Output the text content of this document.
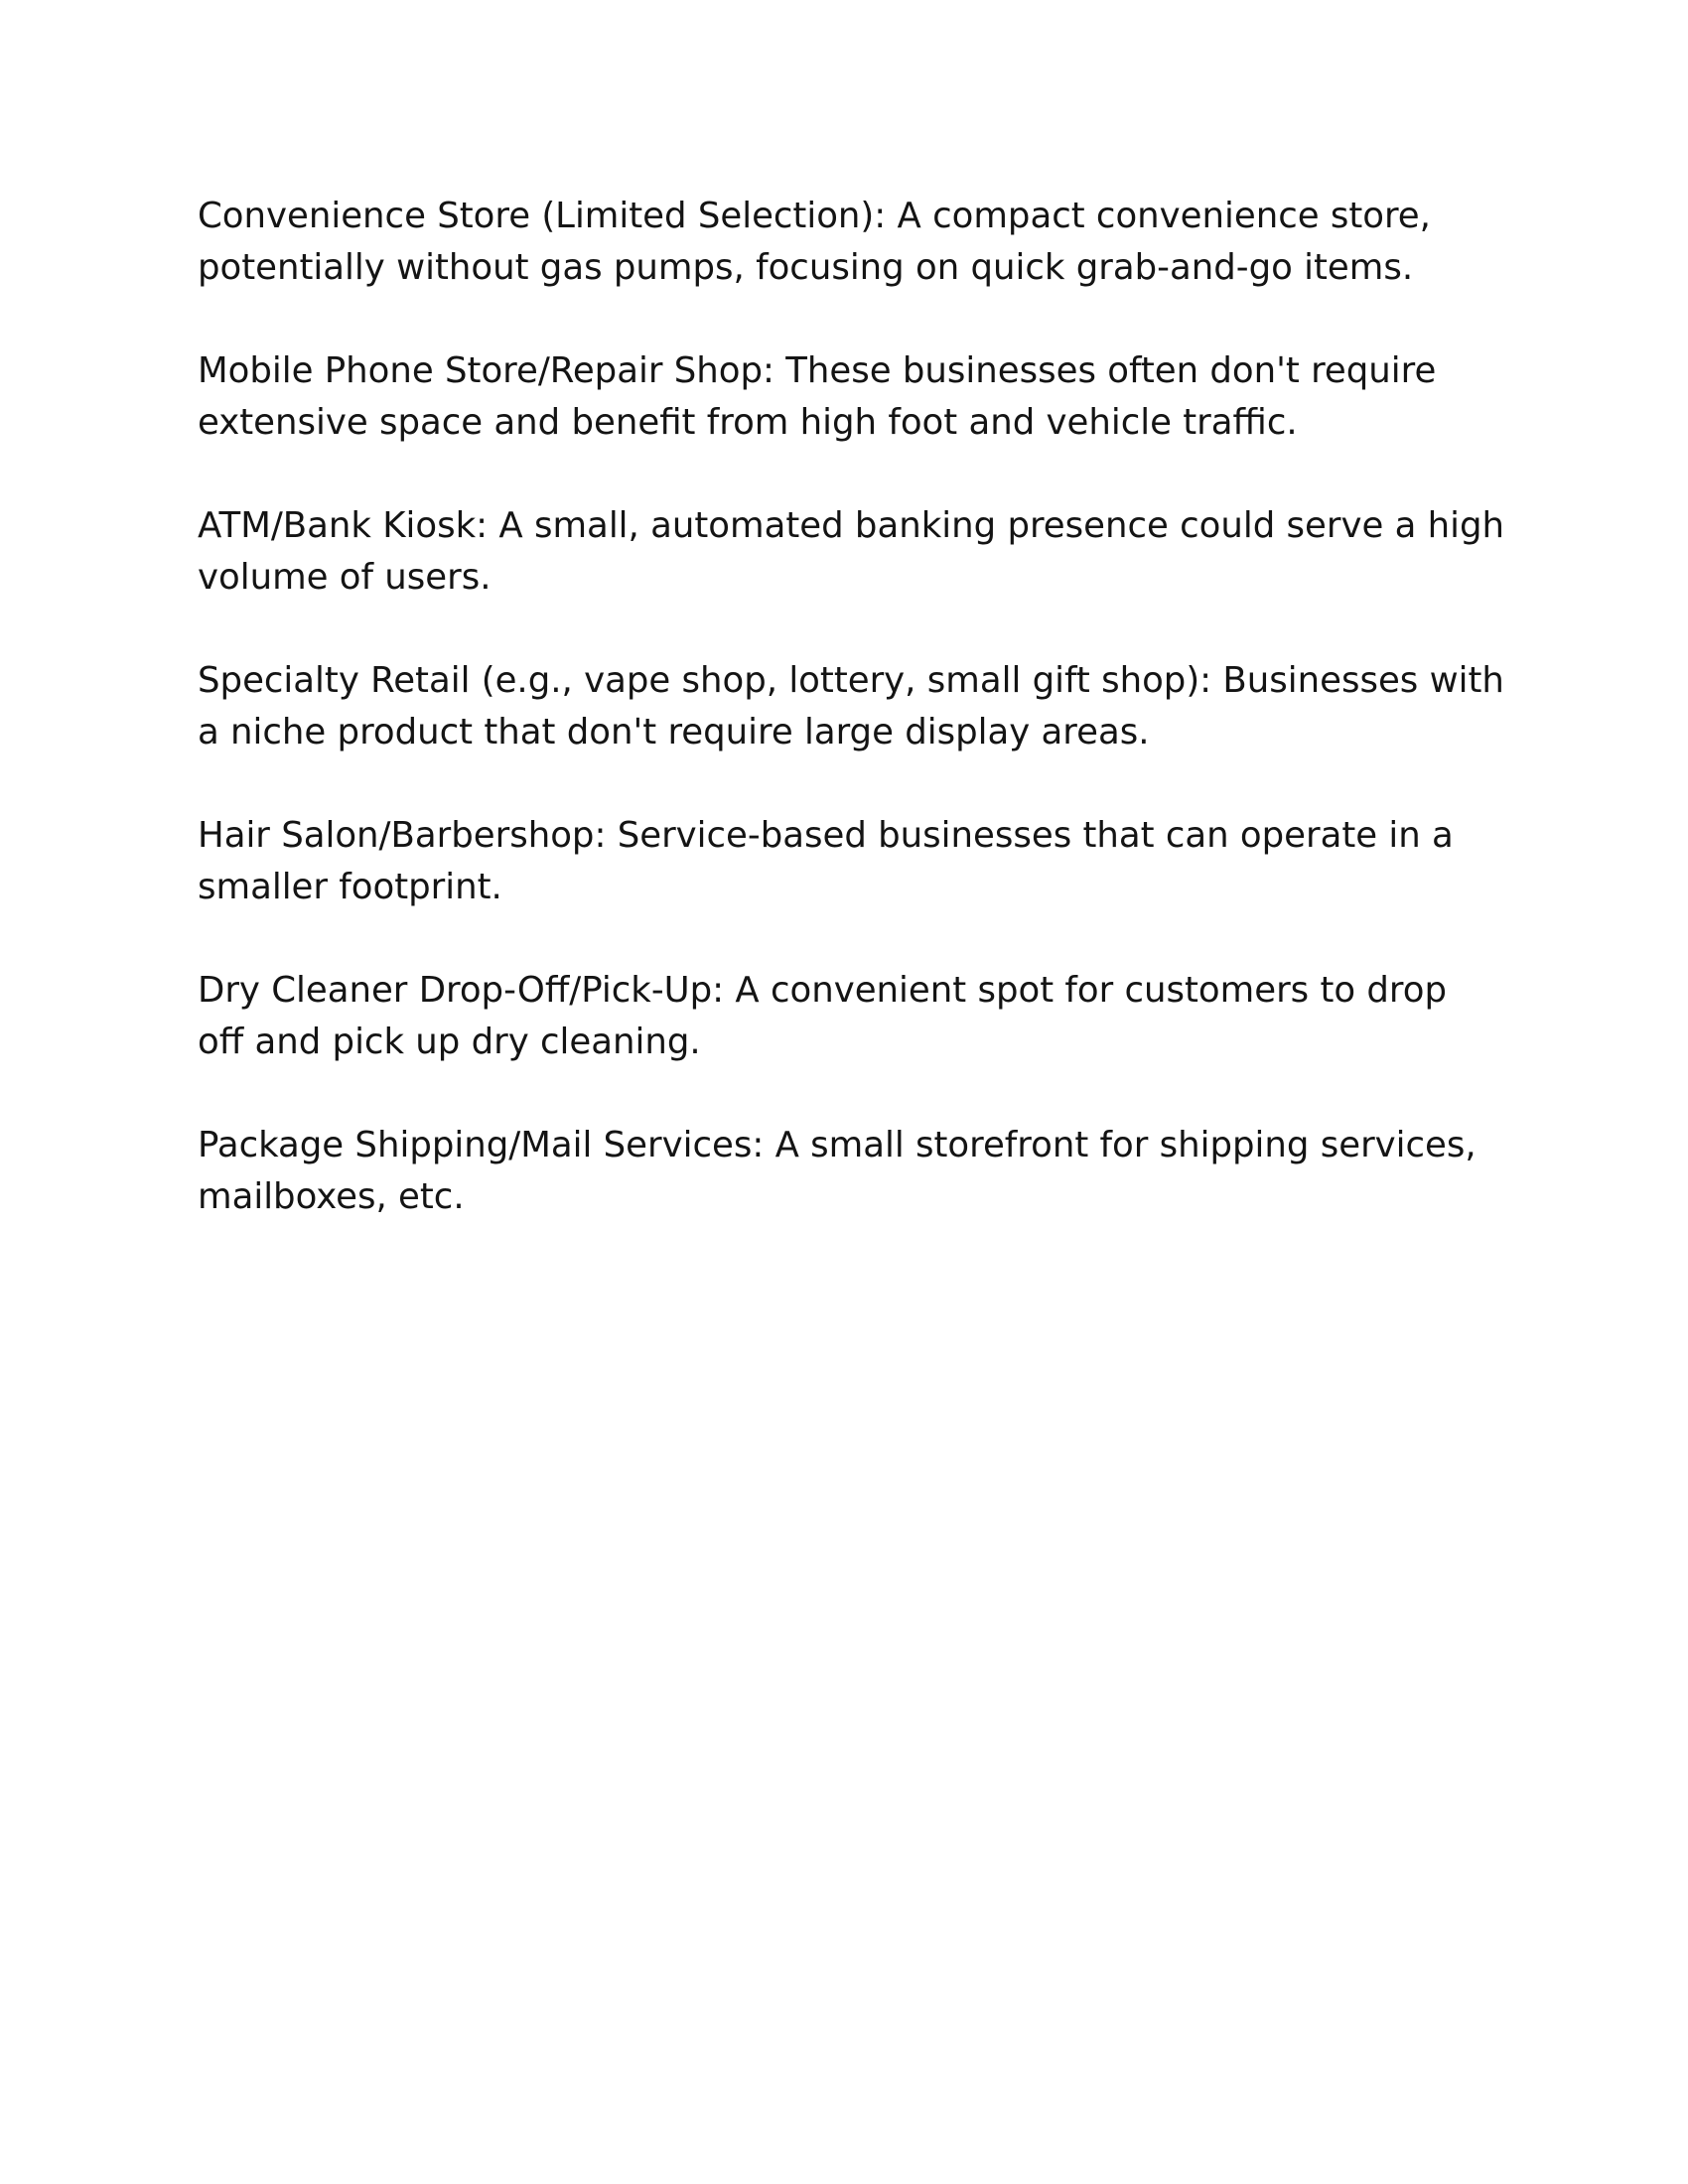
Convenience Store (Limited Selection): A compact convenience store,
potentially without gas pumps, focusing on quick grab-and-go items.

Mobile Phone Store/Repair Shop: These businesses often don't require
extensive space and benefit from high foot and vehicle traffic.

ATM/Bank Kiosk: A small, automated banking presence could serve a high
volume of users.

Specialty Retail (e.g., vape shop, lottery, small gift shop): Businesses with
a niche product that don't require large display areas.

Hair Salon/Barbershop: Service-based businesses that can operate in a
smaller footprint.

Dry Cleaner Drop-Off/Pick-Up: A convenient spot for customers to drop
off and pick up dry cleaning.

Package Shipping/Mail Services: A small storefront for shipping services,
mailboxes, etc.
